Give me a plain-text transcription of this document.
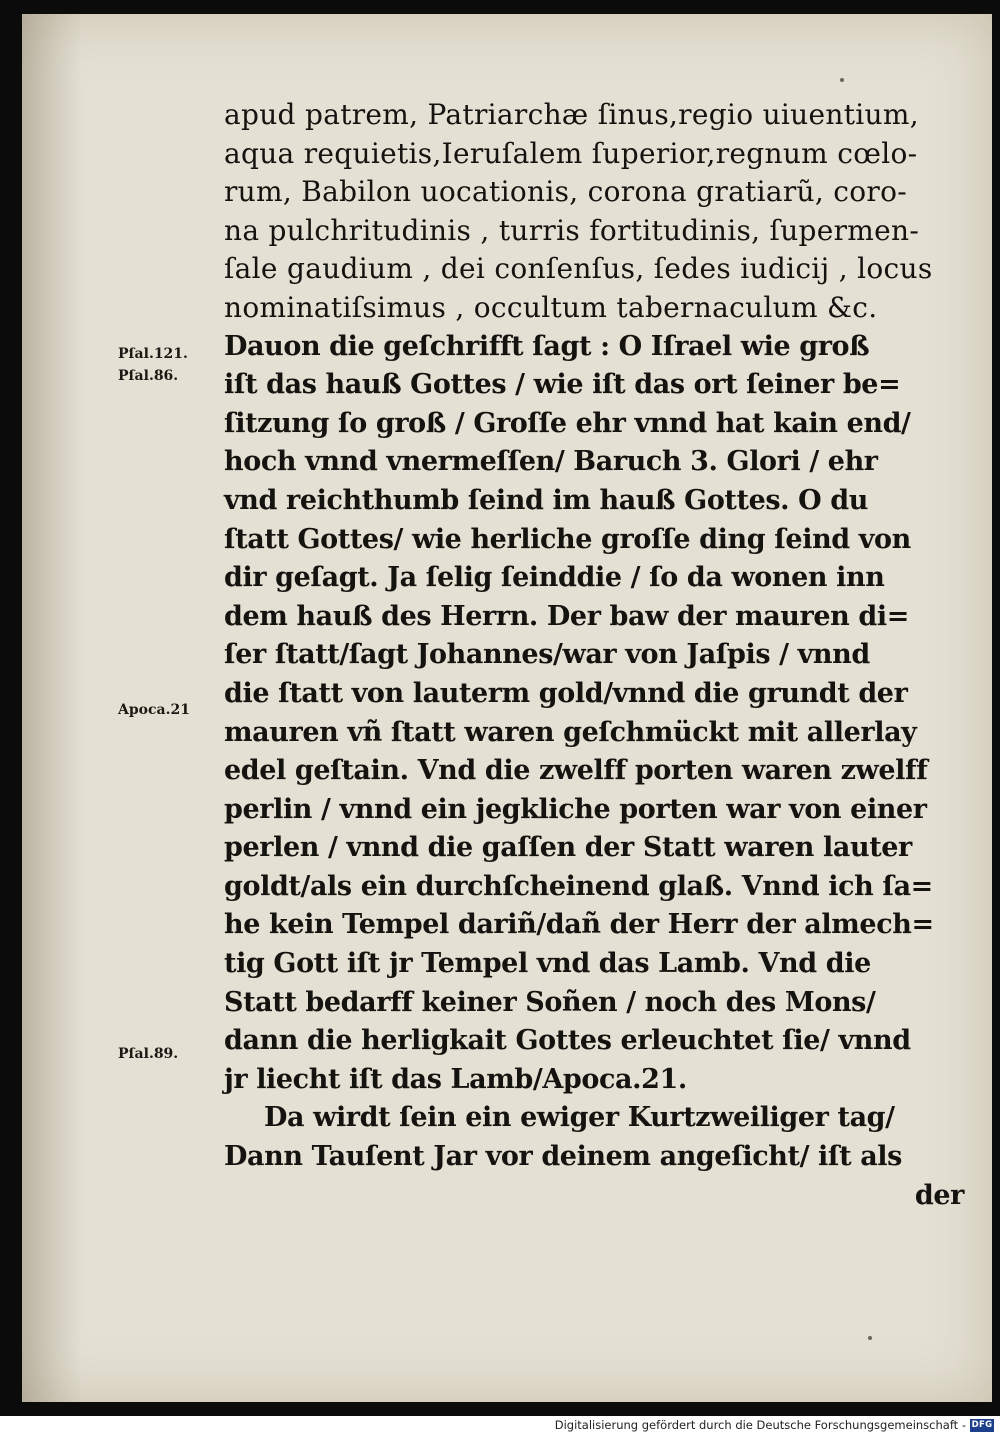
Pſal.121.
Pſal.86.
Apoca.21
Pſal.89.
apud patrem, Patriarchæ ſinus,regio uiuentium,
aqua requietis,Ieruſalem ſuperior,regnum cœlo-
rum, Babilon uocationis, corona gratiarũ, coro-
na pulchritudinis , turris fortitudinis, ſupermen-
ſale gaudium , dei conſenſus, ſedes iudicij , locus
nominatiſsimus , occultum tabernaculum &c.
Dauon die geſchrifft ſagt : O Iſrael wie groß
iſt das hauß Gottes / wie iſt das ort ſeiner be=
ſitzung ſo groß / Groſſe ehr vnnd hat kain end/
hoch vnnd vnermeſſen/ Baruch 3. Glori / ehr
vnd reichthumb ſeind im hauß Gottes. O du
ſtatt Gottes/ wie herliche groſſe ding ſeind von
dir geſagt. Ja ſelig ſeinddie / ſo da wonen inn
dem hauß des Herrn. Der baw der mauren di=
ſer ſtatt/ſagt Johannes/war von Jaſpis / vnnd
die ſtatt von lauterm gold/vnnd die grundt der
mauren vñ ſtatt waren geſchmückt mit allerlay
edel geſtain. Vnd die zwelff porten waren zwelff
perlin / vnnd ein jegkliche porten war von einer
perlen / vnnd die gaſſen der Statt waren lauter
goldt/als ein durchſcheinend glaß. Vnnd ich ſa=
he kein Tempel dariñ/dañ der Herr der almech=
tig Gott iſt jr Tempel vnd das Lamb. Vnd die
Statt bedarff keiner Soñen / noch des Mons/
dann die herligkait Gottes erleuchtet ſie/ vnnd
jr liecht iſt das Lamb/Apoca.21.
Da wirdt ſein ein ewiger Kurtzweiliger tag/
Dann Tauſent Jar vor deinem angeſicht/ iſt als
der
Digitalisierung gefördert durch die Deutsche Forschungsgemeinschaft - DFG
